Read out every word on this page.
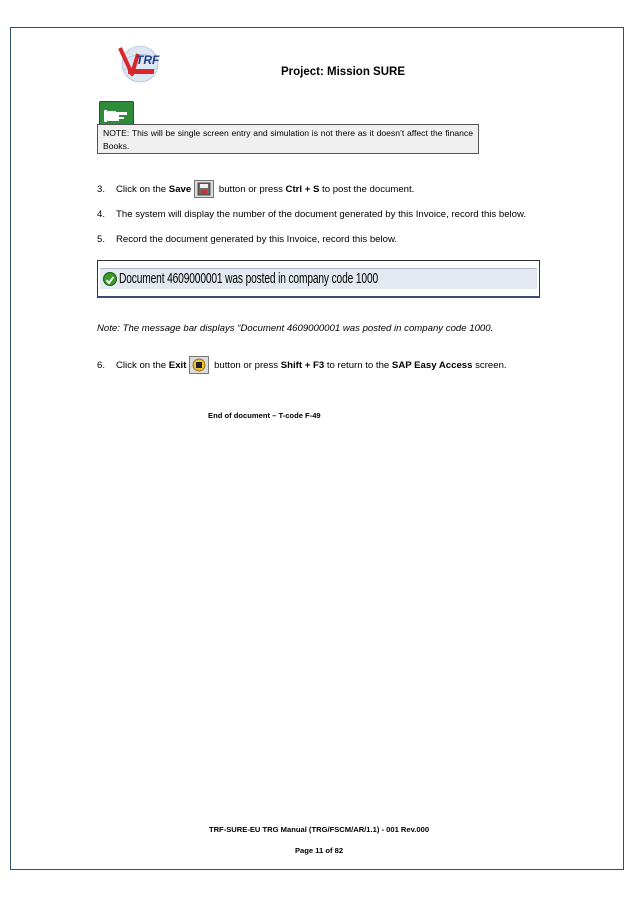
TRF
Project: Mission SURE
NOTE: This will be single screen entry and simulation is not there as it doesn’t affect the finance Books.
3. Click on the Save	button or press Ctrl + S to post the document.
4. The system will display the number of the document generated by this Invoice, record this below.
5. Record the document generated by this Invoice, record this below.
Document 4609000001 was posted in company code 1000
Note: The message bar displays “Document 4609000001 was posted in company code 1000.
6. Click on the Exit	button or press Shift + F3 to return to the SAP Easy Access screen.
End of document – T-code F-49
TRF-SURE-EU TRG Manual (TRG/FSCM/AR/1.1) - 001 Rev.000
Page 11 of 82
